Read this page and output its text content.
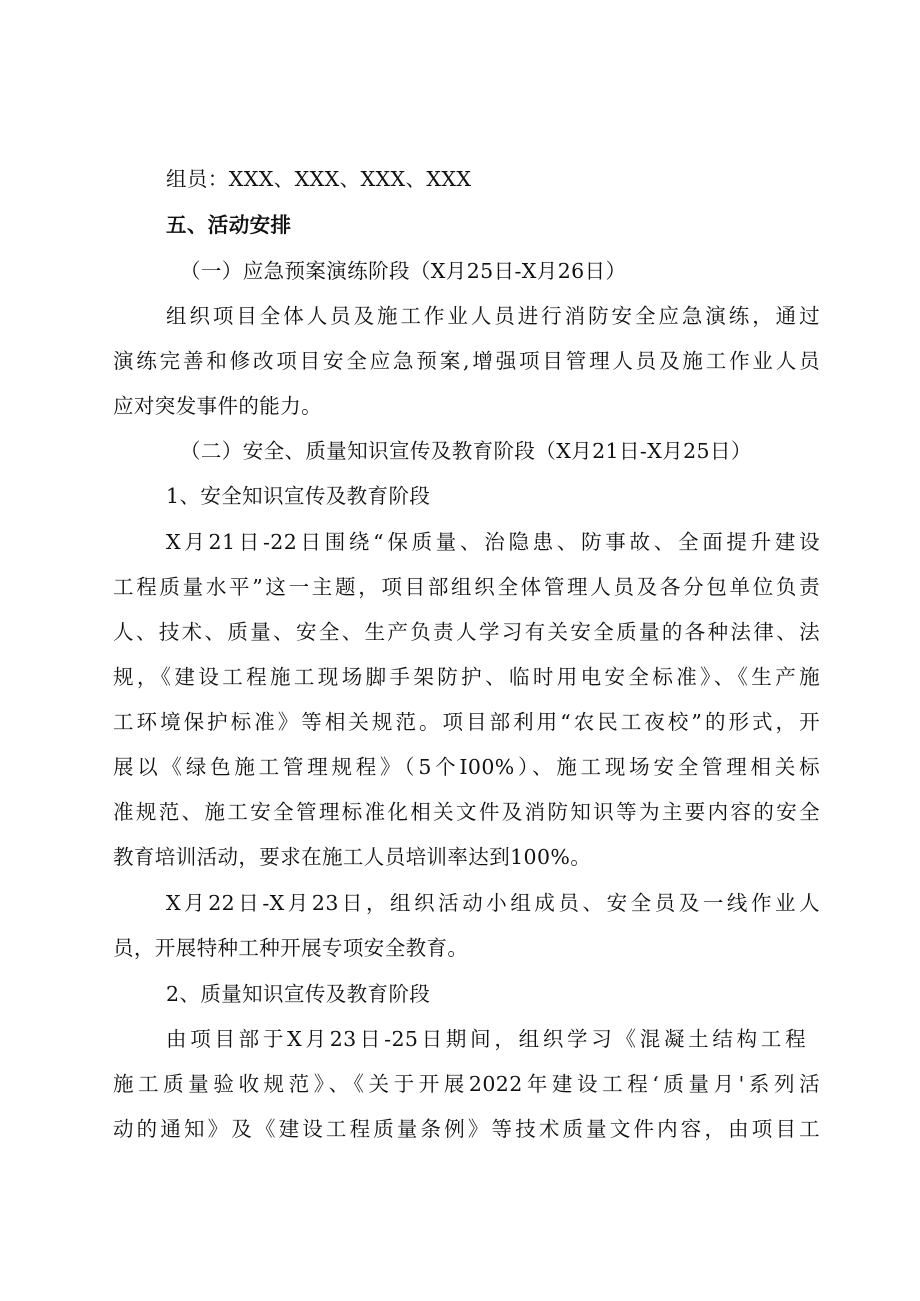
组员：XXX、XXX、XXX、XXX
五、活动安排
（一）应急预案演练阶段（X月25日-X月26日）
组织项目全体人员及施工作业人员进行消防安全应急演练，通过
演练完善和修改项目安全应急预案,增强项目管理人员及施工作业人员
应对突发事件的能力。
（二）安全、质量知识宣传及教育阶段（X月21日-X月25日）
1、安全知识宣传及教育阶段
X月21日-22日围绕“保质量、治隐患、防事故、全面提升建设
工程质量水平”这一主题，项目部组织全体管理人员及各分包单位负责
人、技术、质量、安全、生产负责人学习有关安全质量的各种法律、法
规，《建设工程施工现场脚手架防护、临时用电安全标准》、《生产施
工环境保护标准》等相关规范。项目部利用“农民工夜校”的形式，开
展以《绿色施工管理规程》（5个I00%）、施工现场安全管理相关标
准规范、施工安全管理标准化相关文件及消防知识等为主要内容的安全
教育培训活动，要求在施工人员培训率达到100%。
X月22日-X月23日，组织活动小组成员、安全员及一线作业人
员，开展特种工种开展专项安全教育。
2、质量知识宣传及教育阶段
由项目部于X月23日-25日期间，组织学习《混凝土结构工程
施工质量验收规范》、《关于开展2022年建设工程‘质量月'系列活
动的通知》及《建设工程质量条例》等技术质量文件内容，由项目工
